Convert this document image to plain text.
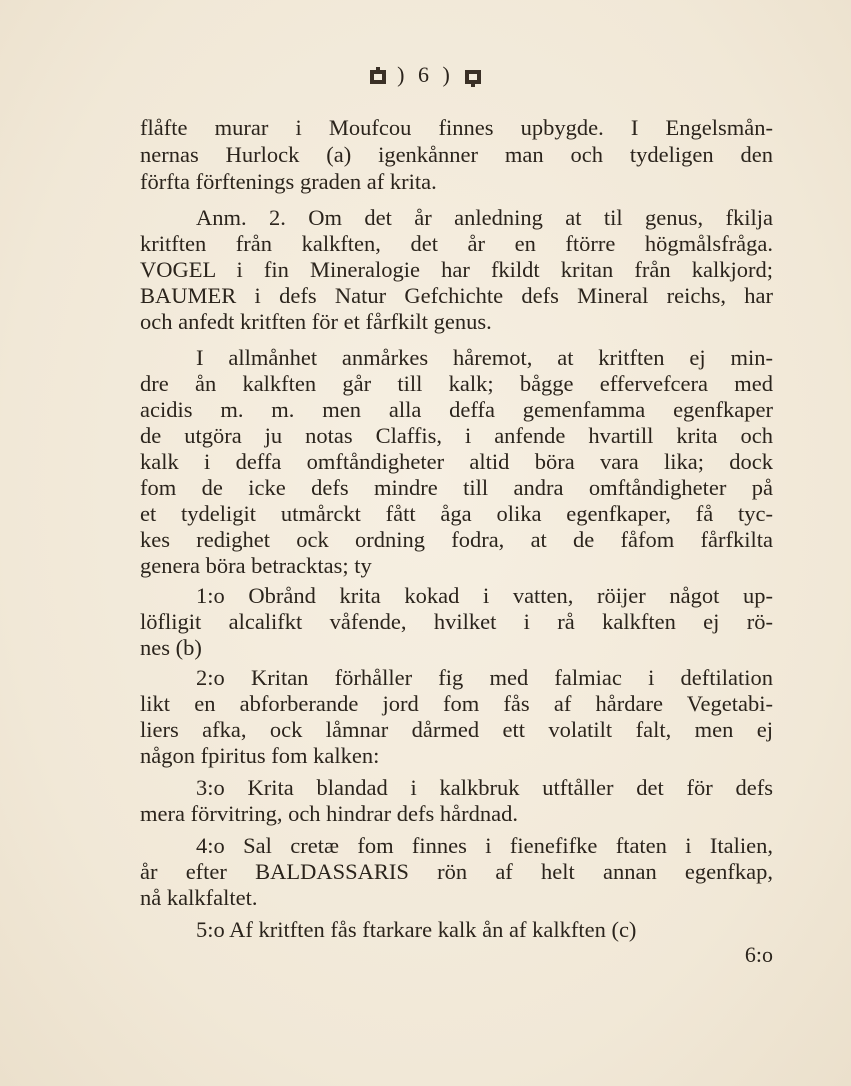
) 6 )
flåfte murar i Moufcou finnes upbygde. I Engelsmån-
nernas Hurlock (a) igenkånner man och tydeligen den
förfta förftenings graden af krita.
Anm. 2. Om det år anledning at til genus, fkilja
kritften från kalkften, det år en ftörre högmålsfråga.
VOGEL i fin Mineralogie har fkildt kritan från kalkjord;
BAUMER i defs Natur Gefchichte defs Mineral reichs, har
och anfedt kritften för et fårfkilt genus.
I allmånhet anmårkes håremot, at kritften ej min-
dre ån kalkften går till kalk; bågge effervefcera med
acidis m. m. men alla deffa gemenfamma egenfkaper
de utgöra ju notas Claffis, i anfende hvartill krita och
kalk i deffa omftåndigheter altid böra vara lika; dock
fom de icke defs mindre till andra omftåndigheter på
et tydeligit utmårckt fått åga olika egenfkaper, få tyc-
kes redighet ock ordning fodra, at de fåfom fårfkilta
genera böra betracktas; ty
1:o Obrånd krita kokad i vatten, röijer något up-
löfligit alcalifkt våfende, hvilket i rå kalkften ej rö-
nes (b)
2:o Kritan förhåller fig med falmiac i deftilation
likt en abforberande jord fom fås af hårdare Vegetabi-
liers afka, ock låmnar dårmed ett volatilt falt, men ej
någon fpiritus fom kalken:
3:o Krita blandad i kalkbruk utftåller det för defs
mera förvitring, och hindrar defs hårdnad.
4:o Sal cretæ fom finnes i fienefifke ftaten i Italien,
år efter BALDASSARIS rön af helt annan egenfkap,
nå kalkfaltet.
5:o Af kritften fås ftarkare kalk ån af kalkften (c)
6:o
